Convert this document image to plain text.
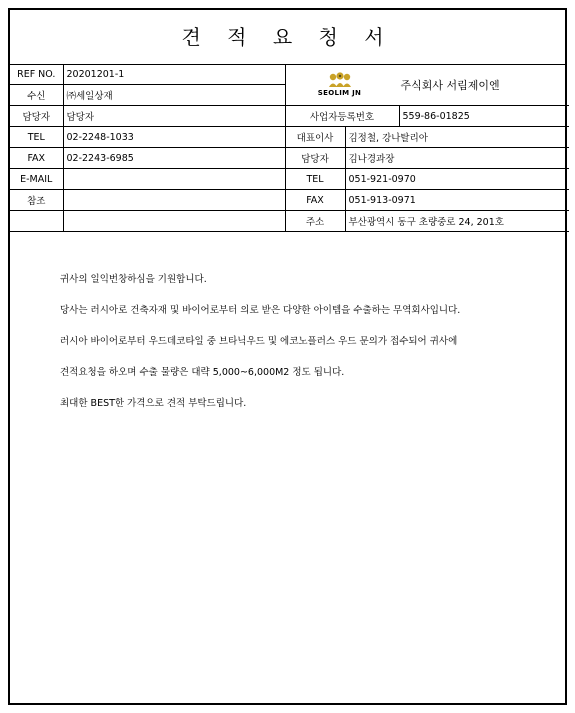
견 적 요 청 서
REF NO.	20201201-1	SEOLIM JN
주식회사 서림제이엔		

수신	㈜세일상재			
담당자	담당자	사업자등록번호		559-86-01825
TEL	02-2248-1033	대표이사	김정철, 강나탈리아	
FAX	02-2243-6985	담당자	김나경과장	
E-MAIL		TEL	051-921-0970	
참조		FAX	051-913-0971	
		주소	부산광역시 동구 초량중로 24, 201호	

귀사의 일익번창하심을 기원합니다.

당사는 러시아로 건축자재 및 바이어로부터 의로 받은 다양한 아이템을 수출하는 무역회사입니다.

러시아 바이어로부터 우드데코타일 중 브타닉우드 및 에코노플러스 우드 문의가 접수되어 귀사에

견적요청을 하오며 수출 물량은 대략 5,000~6,000M2 정도 됩니다.

최대한 BEST한 가격으로 견적 부탁드립니다.
